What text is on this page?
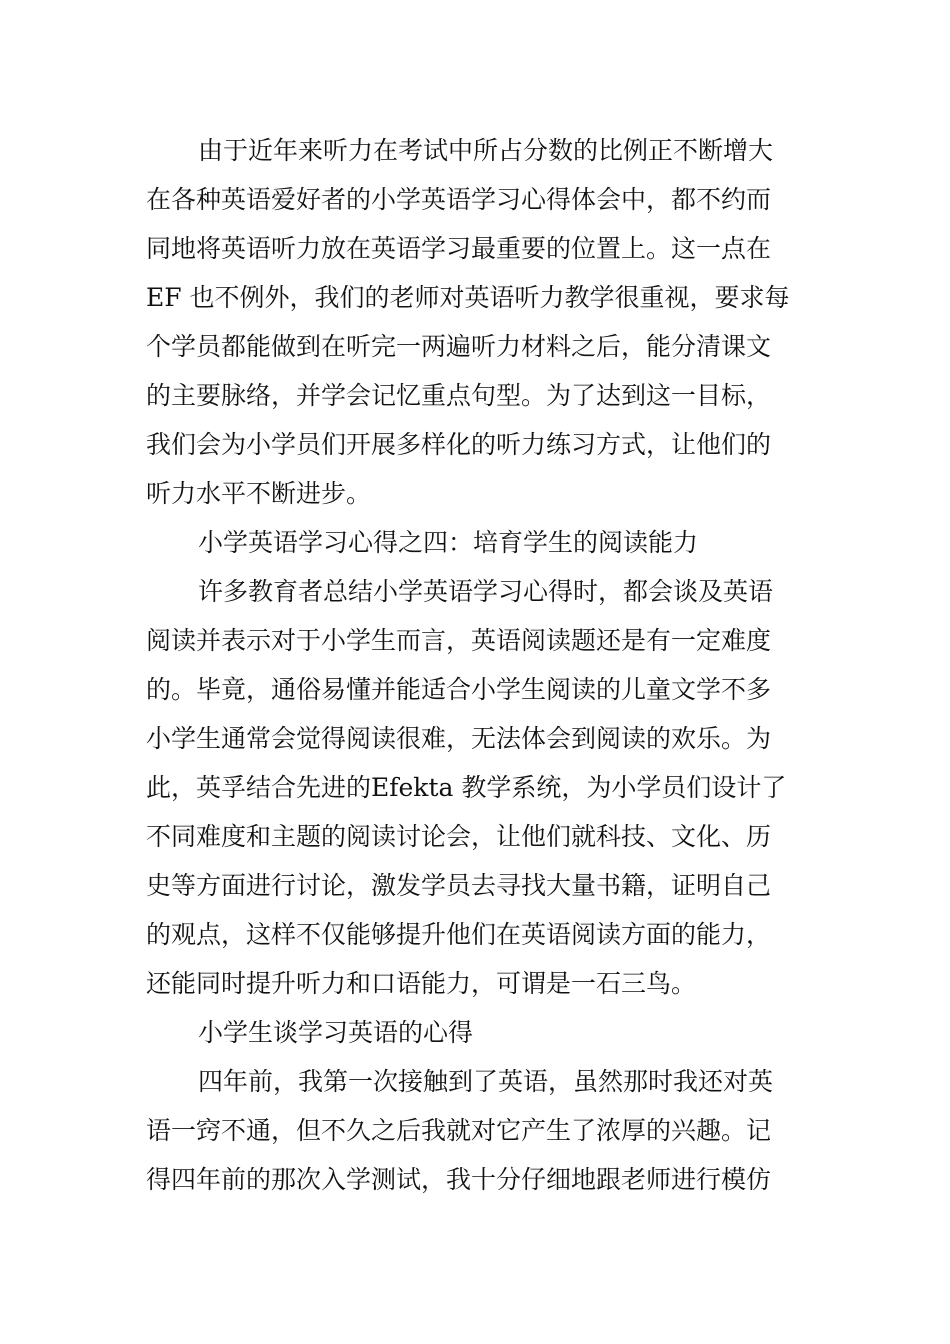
由于近年来听力在考试中所占分数的比例正不断增大
在各种英语爱好者的小学英语学习心得体会中，都不约而
同地将英语听力放在英语学习最重要的位置上。这一点在
EF 也不例外，我们的老师对英语听力教学很重视，要求每
个学员都能做到在听完一两遍听力材料之后，能分清课文
的主要脉络，并学会记忆重点句型。为了达到这一目标，
我们会为小学员们开展多样化的听力练习方式，让他们的
听力水平不断进步。
小学英语学习心得之四：培育学生的阅读能力
许多教育者总结小学英语学习心得时，都会谈及英语
阅读并表示对于小学生而言，英语阅读题还是有一定难度
的。毕竟，通俗易懂并能适合小学生阅读的儿童文学不多
小学生通常会觉得阅读很难，无法体会到阅读的欢乐。为
此，英孚结合先进的Efekta 教学系统，为小学员们设计了
不同难度和主题的阅读讨论会，让他们就科技、文化、历
史等方面进行讨论，激发学员去寻找大量书籍，证明自己
的观点，这样不仅能够提升他们在英语阅读方面的能力，
还能同时提升听力和口语能力，可谓是一石三鸟。
小学生谈学习英语的心得
四年前，我第一次接触到了英语，虽然那时我还对英
语一窍不通，但不久之后我就对它产生了浓厚的兴趣。记
得四年前的那次入学测试，我十分仔细地跟老师进行模仿
